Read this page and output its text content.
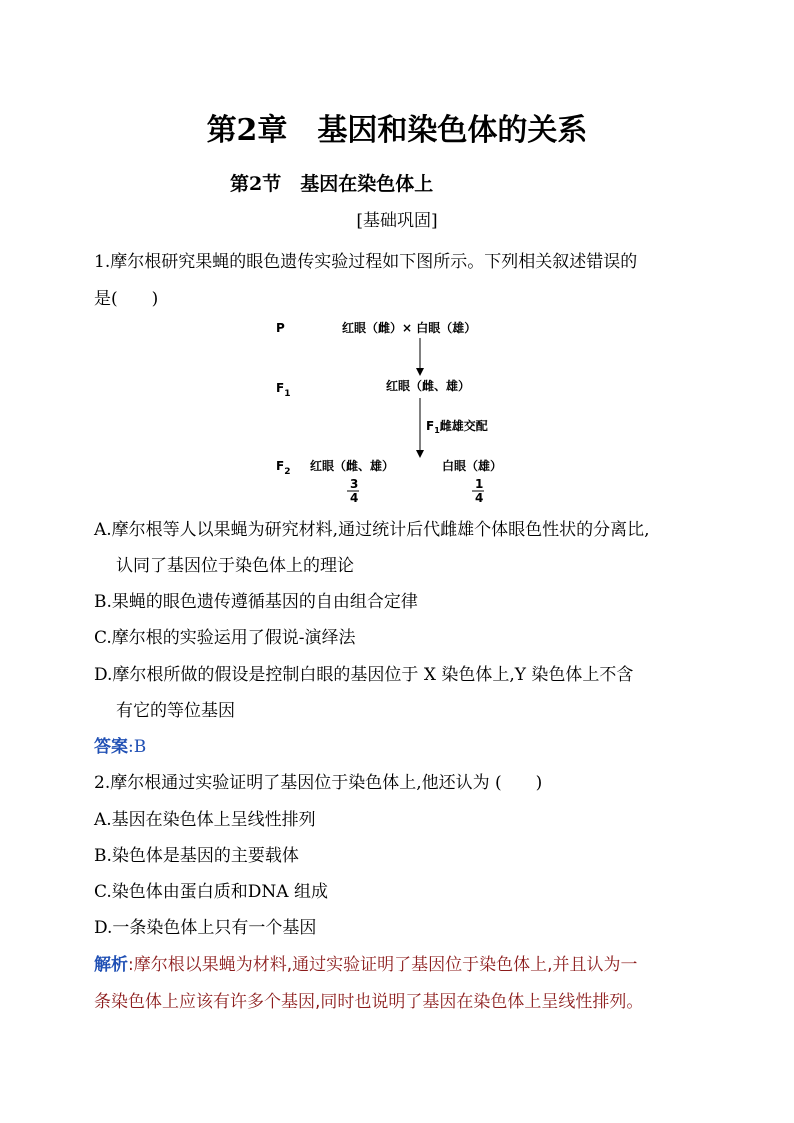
第2章　基因和染色体的关系
第2节　基因在染色体上
[基础巩固]
1.摩尔根研究果蝇的眼色遗传实验过程如下图所示。下列相关叙述错误的
是(　　)
P	红眼（雌）× 白眼（雄）
$F_1$
红眼（雌、雄）
$F_1$雌雄交配
$F_2$ 红眼（雌、雄）	白眼（雄）
3
4
1
4
A.摩尔根等人以果蝇为研究材料,通过统计后代雌雄个体眼色性状的分离比,
认同了基因位于染色体上的理论
B.果蝇的眼色遗传遵循基因的自由组合定律
C.摩尔根的实验运用了假说-演绎法
D.摩尔根所做的假设是控制白眼的基因位于 X 染色体上,Y 染色体上不含
有它的等位基因
答案:B
2.摩尔根通过实验证明了基因位于染色体上,他还认为 (　　)
A.基因在染色体上呈线性排列
B.染色体是基因的主要载体
C.染色体由蛋白质和DNA 组成
D.一条染色体上只有一个基因
解析:摩尔根以果蝇为材料,通过实验证明了基因位于染色体上,并且认为一
条染色体上应该有许多个基因,同时也说明了基因在染色体上呈线性排列。
